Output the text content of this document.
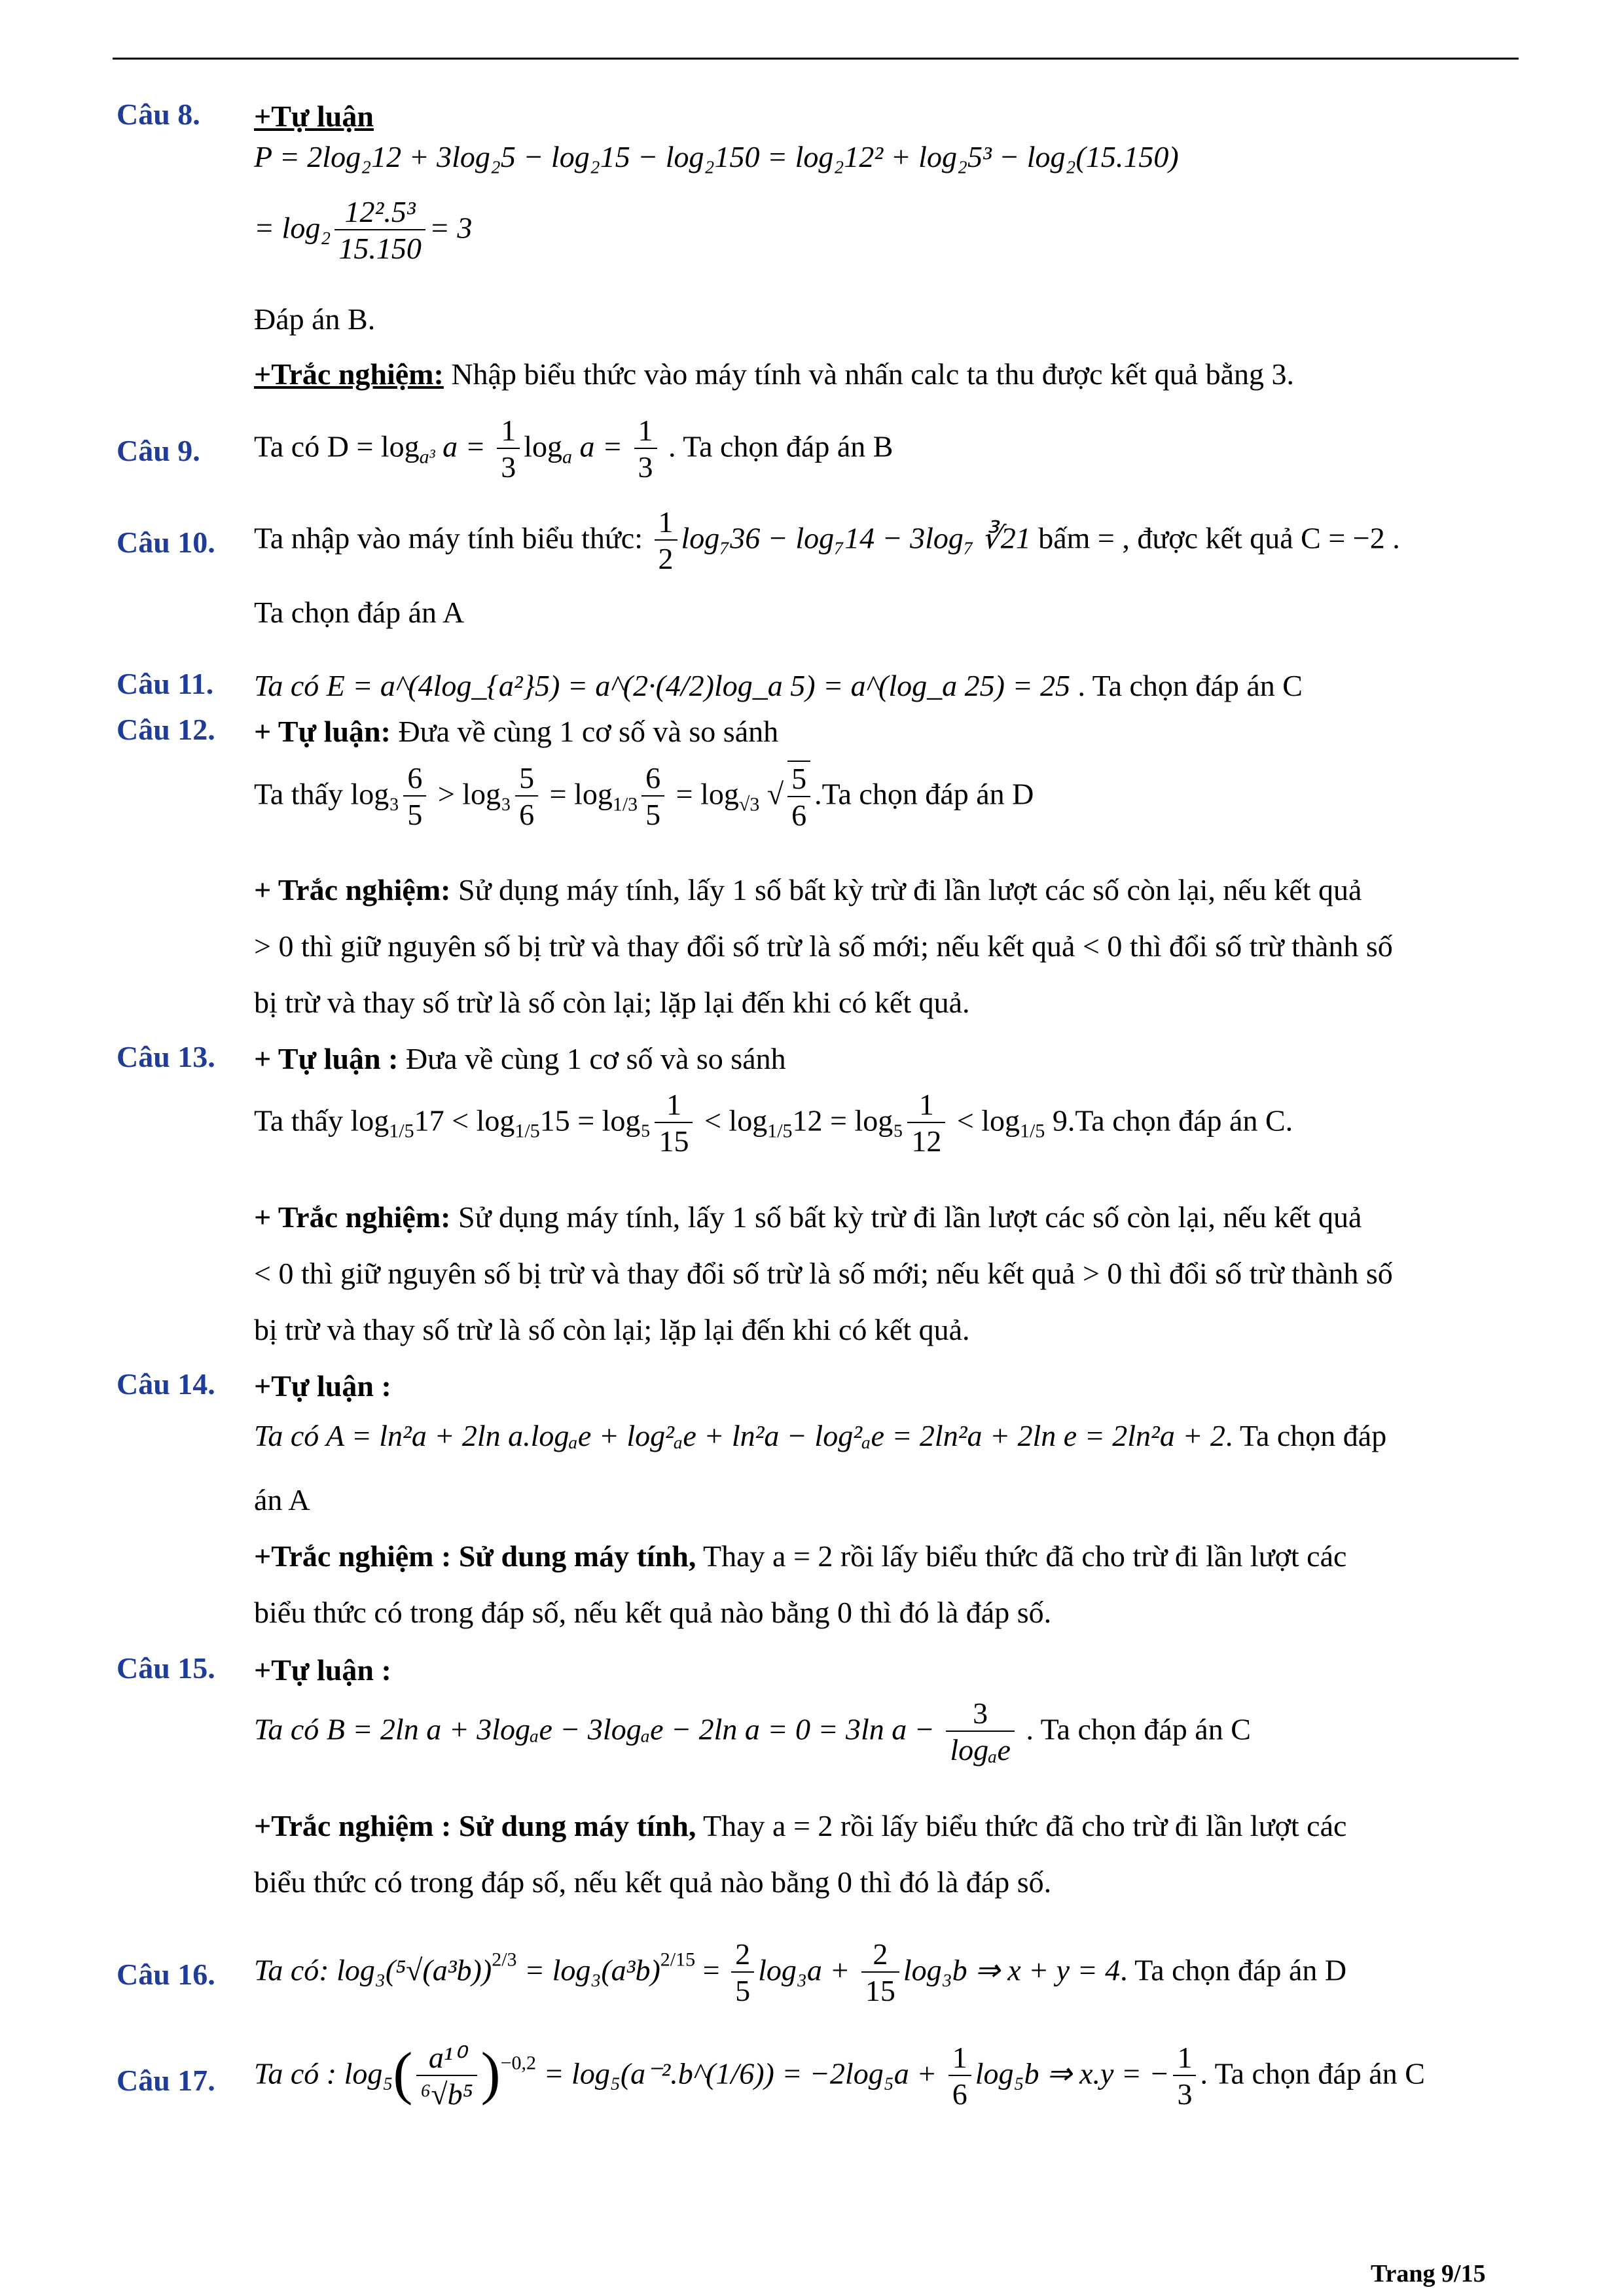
Câu 8. +Tự luận
P = 2log₂12 + 3log₂5 − log₂15 − log₂150 = log₂12² + log₂5³ − log₂(15.150)
= $\log_2 \frac{\text{12².5³}}{15.150} = 3$
Đáp án B.
+Trắc nghiệm: Nhập biểu thức vào máy tính và nhấn calc ta thu được kết quả bằng 3.
Câu 9. Ta có $D = \log_{a^3} a = \frac{1}{3} \log_a a = \frac{1}{3}$ . Ta chọn đáp án B
Câu 10. Ta nhập vào máy tính biểu thức: $\frac{1}{2} \log_736 - \log_714 - 3\log_7$ ∛21 bấm = , được kết quả C = −2 .
Ta chọn đáp án A
Câu 11. Ta có E = a^(4log_{a²}5) = a^(2·(4/2)log_a 5) = a^(log_a 25) = 25 . Ta chọn đáp án C
Câu 12. + Tự luận: Đưa về cùng 1 cơ số và so sánh
Ta thấy $\log_3 \frac{6}{5} > \log_3 \frac{5}{6} = \log_{1/3} \frac{6}{5} = \log_{√3}$ √ $\frac{5}{6} .Ta$ chọn đáp án D
+ Trắc nghiệm: Sử dụng máy tính, lấy 1 số bất kỳ trừ đi lần lượt các số còn lại, nếu kết quả
> 0 thì giữ nguyên số bị trừ và thay đổi số trừ là số mới; nếu kết quả < 0 thì đổi số trừ thành số
bị trừ và thay số trừ là số còn lại; lặp lại đến khi có kết quả.
Câu 13. + Tự luận : Đưa về cùng 1 cơ số và so sánh
Ta thấy $\log_{1/5}17 < \log_{1/5}15 = \log_5 \frac{1}{15} < \log_{1/5}12 = \log_5 \frac{1}{12} < \log_{1/5} 9.Ta$ chọn đáp án C.
+ Trắc nghiệm: Sử dụng máy tính, lấy 1 số bất kỳ trừ đi lần lượt các số còn lại, nếu kết quả
< 0 thì giữ nguyên số bị trừ và thay đổi số trừ là số mới; nếu kết quả > 0 thì đổi số trừ thành số
bị trừ và thay số trừ là số còn lại; lặp lại đến khi có kết quả.
Câu 14. +Tự luận :
Ta có A = ln²a + 2ln a.logₐe + log²ₐe + ln²a − log²ₐe = 2ln²a + 2ln e = 2ln²a + 2. Ta chọn đáp
án A
+Trắc nghiệm : Sử dung máy tính, Thay a = 2 rồi lấy biểu thức đã cho trừ đi lần lượt các
biểu thức có trong đáp số, nếu kết quả nào bằng 0 thì đó là đáp số.
Câu 15. +Tự luận :
Ta có B = 2ln a + 3logₐe − 3logₐe − 2ln a = 0 = 3ln $a - \frac{3}{\text{logₐe}}$ . Ta chọn đáp án C
+Trắc nghiệm : Sử dung máy tính, Thay a = 2 rồi lấy biểu thức đã cho trừ đi lần lượt các
biểu thức có trong đáp số, nếu kết quả nào bằng 0 thì đó là đáp số.
Câu 16. Ta có: $\log_3(^5√(a^3b))^{2/3} = \log_3(a^3b)^{2/15} = \frac{2}{5} \log_3a + \frac{2}{15} \log_3b$ ⇒ x + y = 4. Ta chọn đáp án D
Câu 17. Ta có : $\log_5( \frac{\text{a¹⁰}}{\text{⁶√b⁵}} )^{-0,2}$ = log₅(a⁻².b^(1/6)) = $-2\log_5a + \frac{1}{6} \log_5b$ ⇒ x.y = − $\frac{1}{3}$ . Ta chọn đáp án C
Trang 9/15
